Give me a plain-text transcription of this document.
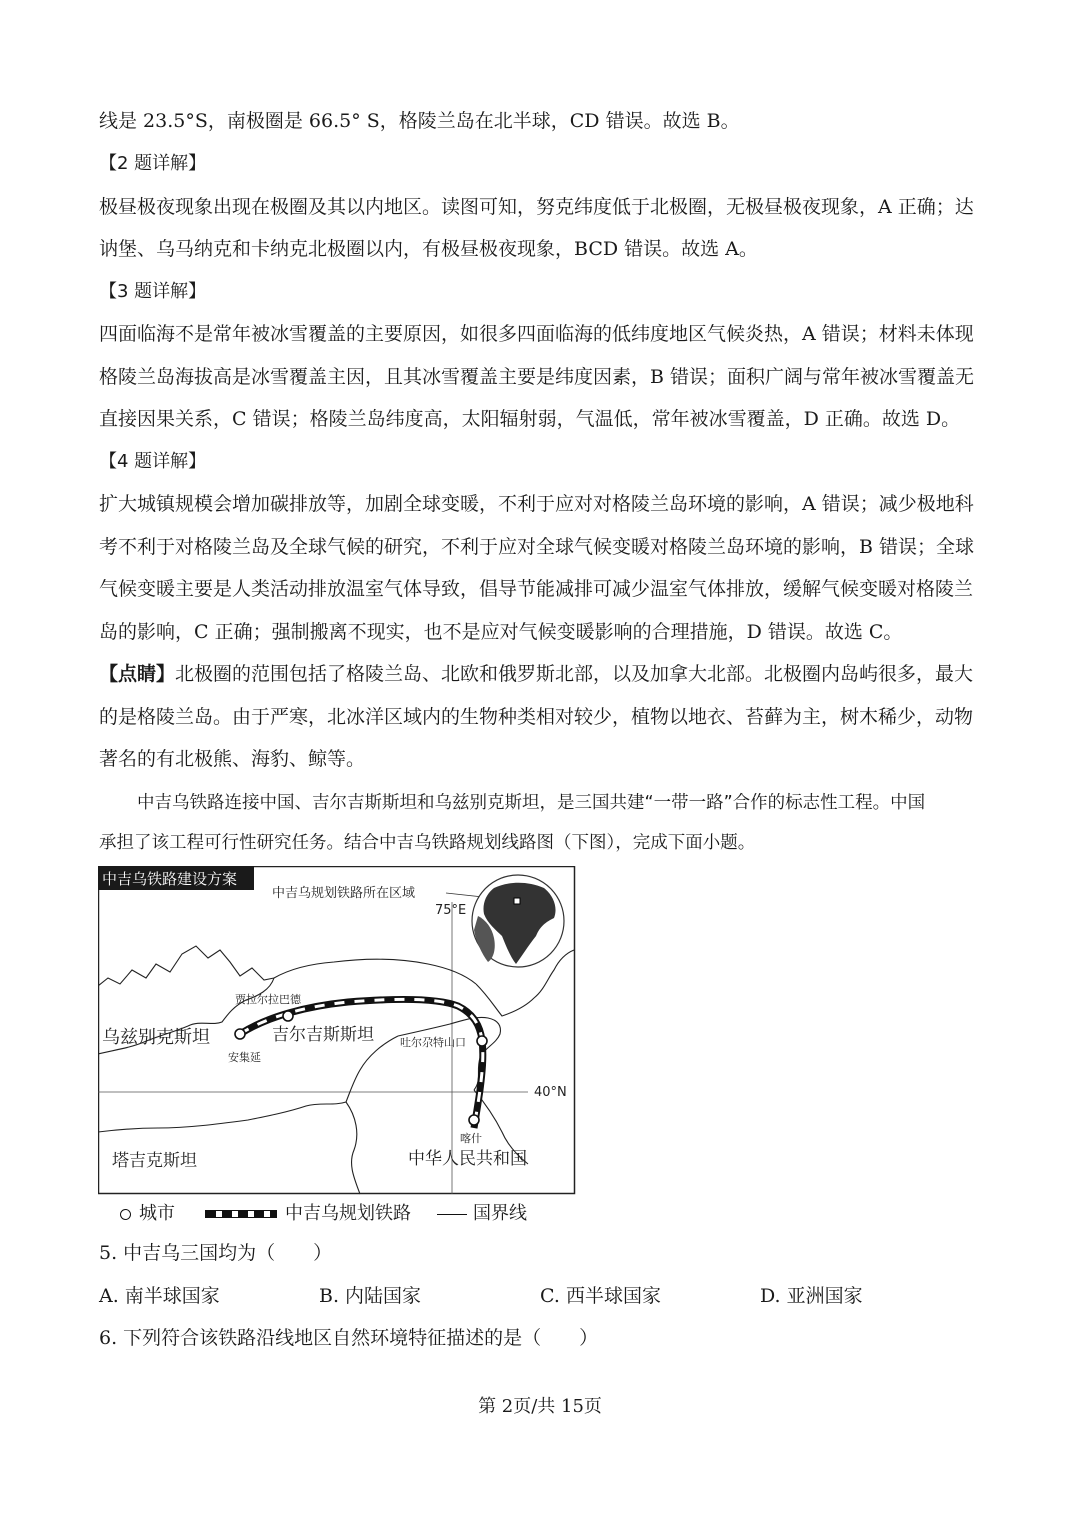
线是 23.5°S，南极圈是 66.5° S，格陵兰岛在北半球，CD 错误。故选 B。
【2 题详解】
极昼极夜现象出现在极圈及其以内地区。读图可知，努克纬度低于北极圈，无极昼极夜现象，A 正确；达
讷堡、乌马纳克和卡纳克北极圈以内，有极昼极夜现象，BCD 错误。故选 A。
【3 题详解】
四面临海不是常年被冰雪覆盖的主要原因，如很多四面临海的低纬度地区气候炎热，A 错误；材料未体现
格陵兰岛海拔高是冰雪覆盖主因，且其冰雪覆盖主要是纬度因素，B 错误；面积广阔与常年被冰雪覆盖无
直接因果关系，C 错误；格陵兰岛纬度高，太阳辐射弱，气温低，常年被冰雪覆盖，D 正确。故选 D。
【4 题详解】
扩大城镇规模会增加碳排放等，加剧全球变暖，不利于应对对格陵兰岛环境的影响，A 错误；减少极地科
考不利于对格陵兰岛及全球气候的研究，不利于应对全球气候变暖对格陵兰岛环境的影响，B 错误；全球
气候变暖主要是人类活动排放温室气体导致，倡导节能减排可减少温室气体排放，缓解气候变暖对格陵兰
岛的影响，C 正确；强制搬离不现实，也不是应对气候变暖影响的合理措施，D 错误。故选 C。
【点睛】北极圈的范围包括了格陵兰岛、北欧和俄罗斯北部，以及加拿大北部。北极圈内岛屿很多，最大
的是格陵兰岛。由于严寒，北冰洋区域内的生物种类相对较少，植物以地衣、苔藓为主，树木稀少，动物
著名的有北极熊、海豹、鲸等。
中吉乌铁路连接中国、吉尔吉斯斯坦和乌兹别克斯坦，是三国共建“一带一路”合作的标志性工程。中国
承担了该工程可行性研究任务。结合中吉乌铁路规划线路图（下图），完成下面小题。
中吉乌铁路建设方案
75°E
40°N
中吉乌规划铁路所在区域
贾拉尔拉巴德
安集延
吐尔尕特山口
喀什
乌兹别克斯坦	吉尔吉斯斯坦
塔吉克斯坦	中华人民共和国
城市	中吉乌规划铁路	国界线
5. 中吉乌三国均为（　　）
A. 南半球国家	B. 内陆国家	C. 西半球国家	D. 亚洲国家
6. 下列符合该铁路沿线地区自然环境特征描述的是（　　）
第 2页/共 15页
